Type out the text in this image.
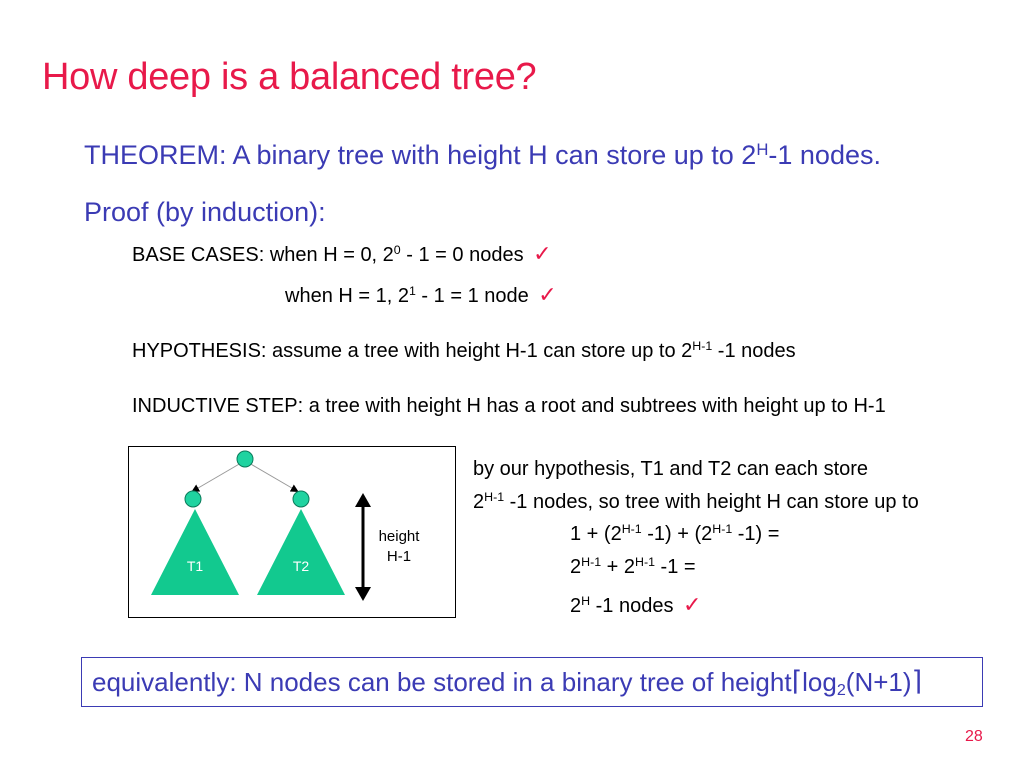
How deep is a balanced tree?
THEOREM: A binary tree with height H can store up to $2^H-1$ nodes.
Proof (by induction):
BASE CASES: when H = 0, $2^0 - 1 = 0$ nodes ✓
when H = 1, $2^1 - 1 = 1$ node ✓
HYPOTHESIS: assume a tree with height H-1 can store up to $2^{H-1}$ -1 nodes
INDUCTIVE STEP: a tree with height H has a root and subtrees with height up to H-1
T1	T2
height
H-1
by our hypothesis, T1 and T2 can each store
$2^{H-1}$ -1 nodes, so tree with height H can store up to
$1 + (2^{H-1}$ $-1) + (2^{H-1}$ -1) =
$2^{H-1} + 2^{H-1}$ -1 =
$2^H$ -1 nodes ✓
equivalently: N nodes can be stored in a binary tree of $height⌈\log_2(N+1)⌉$
28
